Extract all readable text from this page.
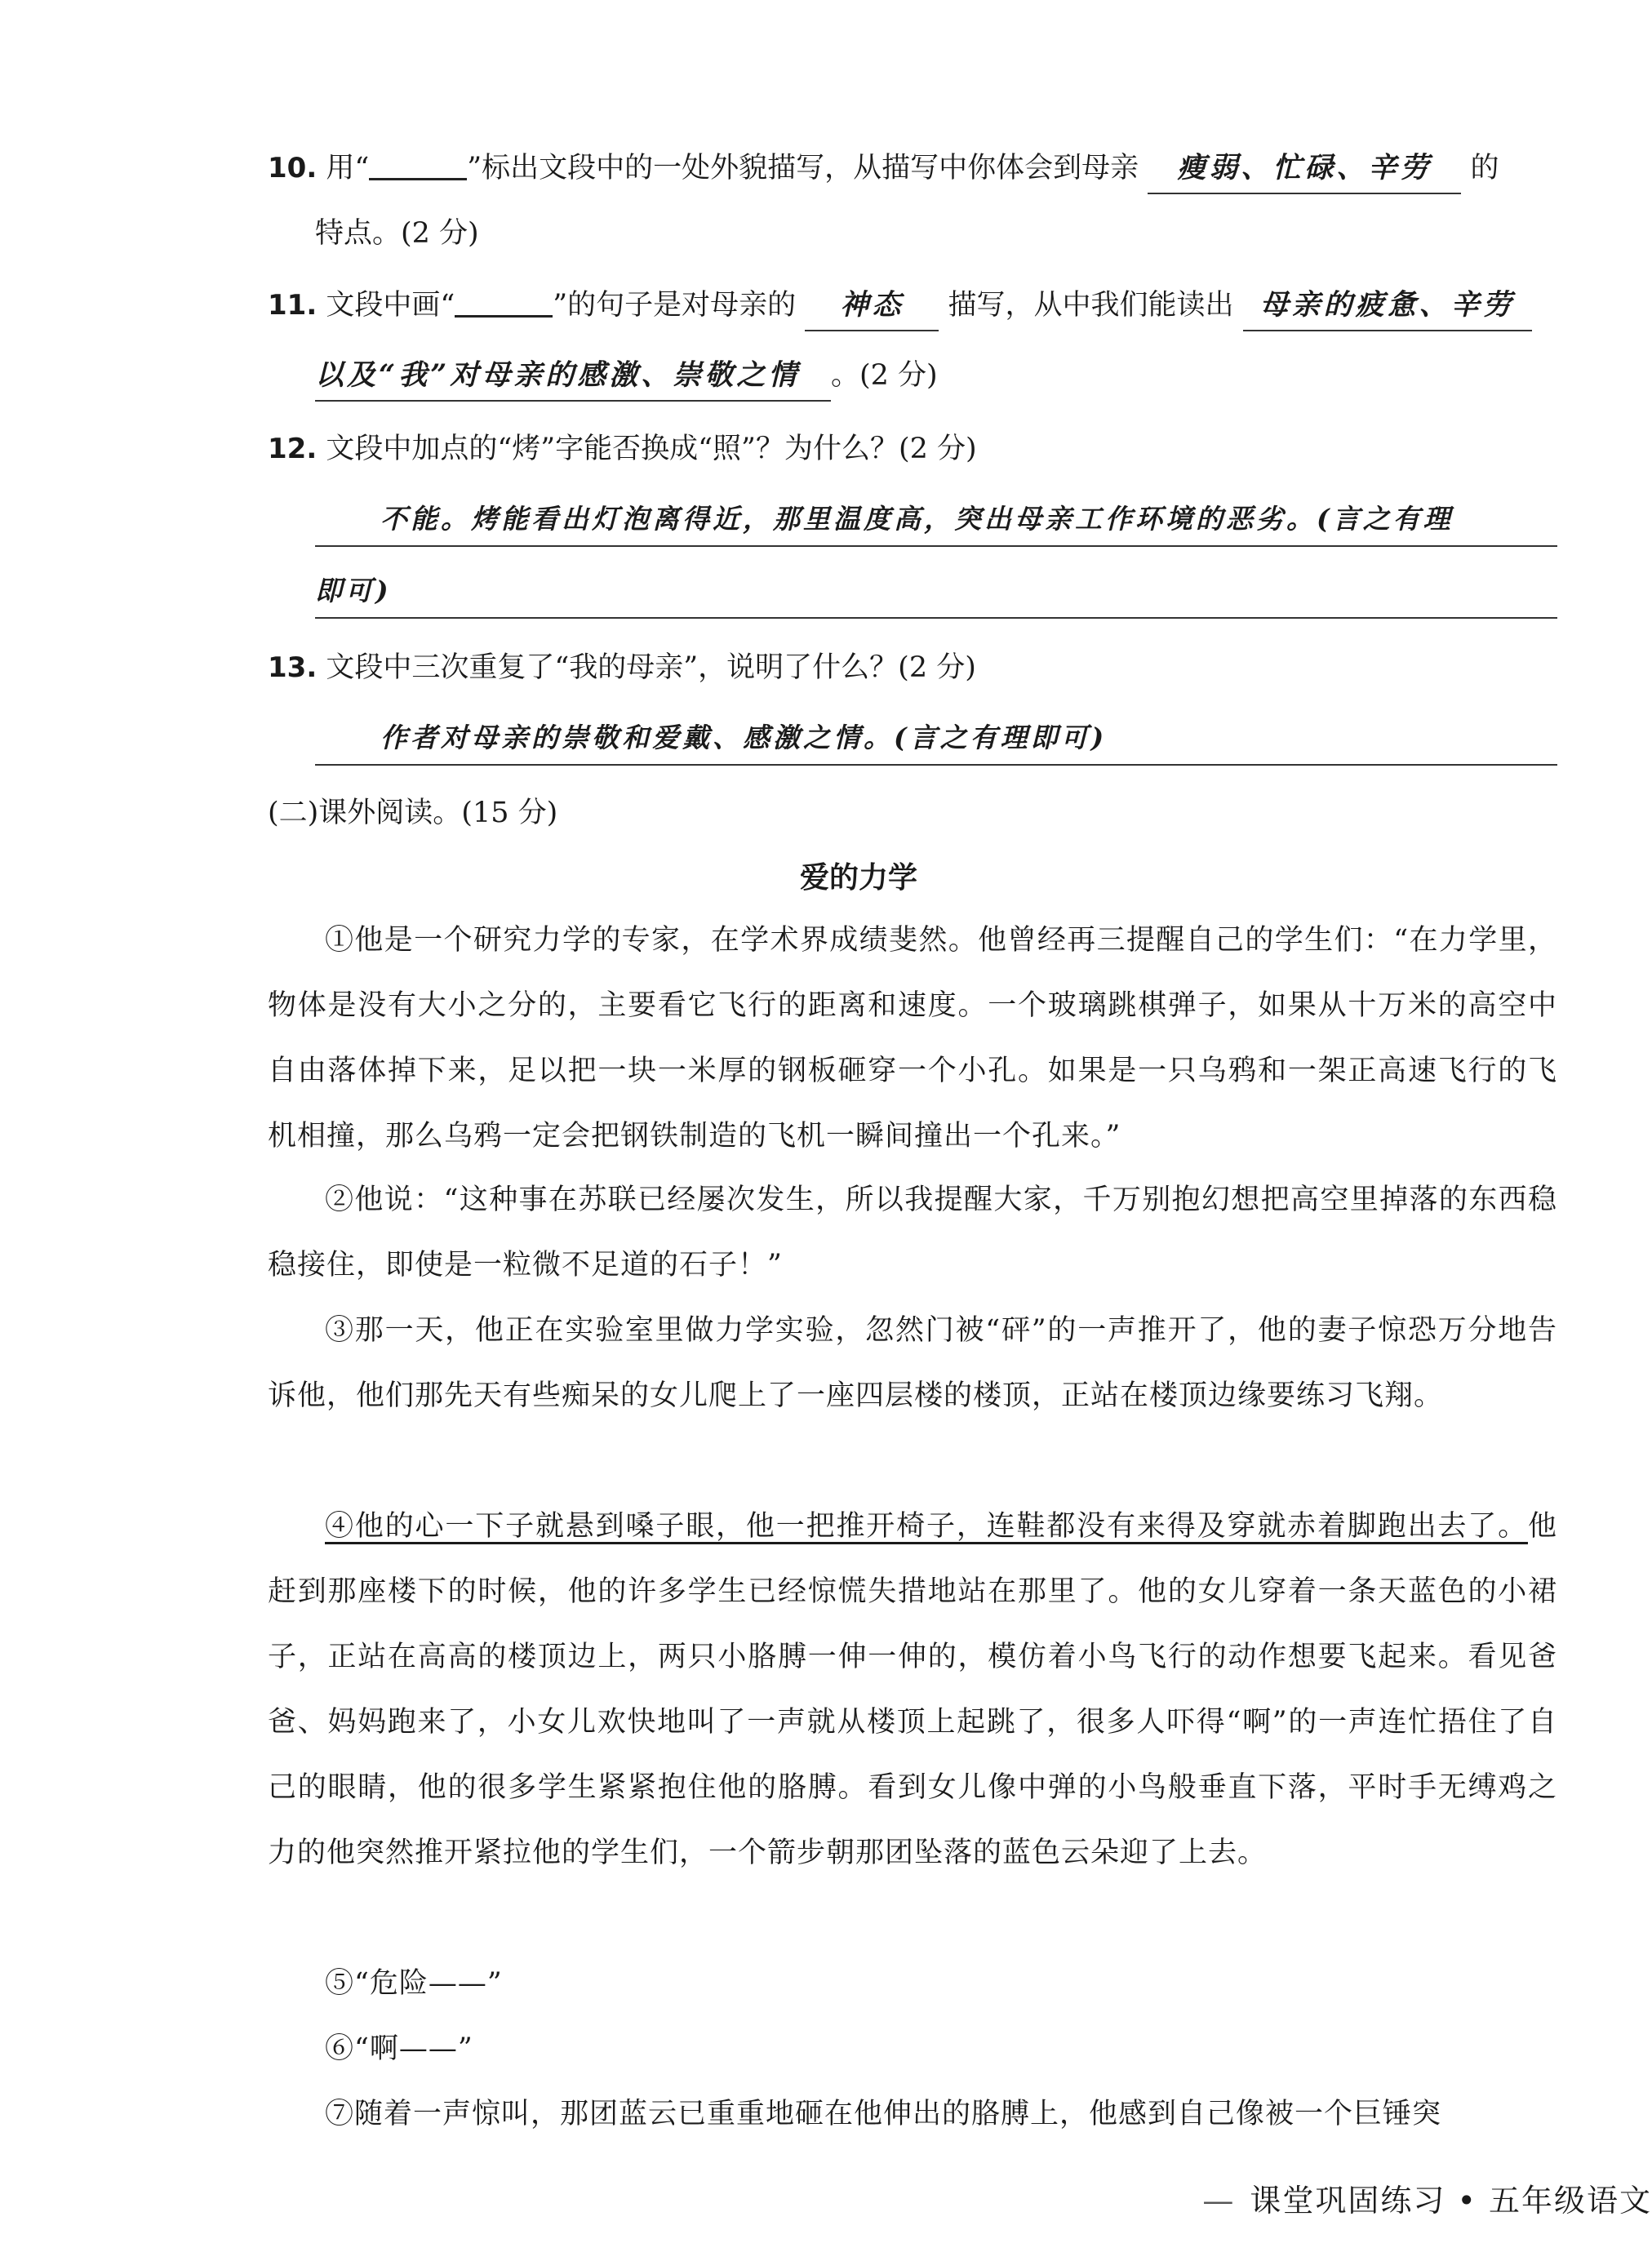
10. 用“	”标出文段中的一处外貌描写，从描写中你体会到母亲 瘦弱、忙碌、辛劳 的
特点。(2 分)
11. 文段中画“	”的句子是对母亲的 神态 描写，从中我们能读出 母亲的疲惫、辛劳
以及“我”对母亲的感激、崇敬之情 。(2 分)
12. 文段中加点的“烤”字能否换成“照”？为什么？(2 分)
不能。烤能看出灯泡离得近，那里温度高，突出母亲工作环境的恶劣。(言之有理
即可)
13. 文段中三次重复了“我的母亲”，说明了什么？(2 分)
作者对母亲的崇敬和爱戴、感激之情。(言之有理即可)
(二)课外阅读。(15 分)
爱的力学
①他是一个研究力学的专家，在学术界成绩斐然。他曾经再三提醒自己的学生们：“在力学里，物体是没有大小之分的，主要看它飞行的距离和速度。一个玻璃跳棋弹子，如果从十万米的高空中自由落体掉下来，足以把一块一米厚的钢板砸穿一个小孔。如果是一只乌鸦和一架正高速飞行的飞机相撞，那么乌鸦一定会把钢铁制造的飞机一瞬间撞出一个孔来。”
②他说：“这种事在苏联已经屡次发生，所以我提醒大家，千万别抱幻想把高空里掉落的东西稳稳接住，即使是一粒微不足道的石子！”
③那一天，他正在实验室里做力学实验，忽然门被“砰”的一声推开了，他的妻子惊恐万分地告诉他，他们那先天有些痴呆的女儿爬上了一座四层楼的楼顶，正站在楼顶边缘要练习飞翔。
④他的心一下子就悬到嗓子眼，他一把推开椅子，连鞋都没有来得及穿就赤着脚跑出去了。他赶到那座楼下的时候，他的许多学生已经惊慌失措地站在那里了。他的女儿穿着一条天蓝色的小裙子，正站在高高的楼顶边上，两只小胳膊一伸一伸的，模仿着小鸟飞行的动作想要飞起来。看见爸爸、妈妈跑来了，小女儿欢快地叫了一声就从楼顶上起跳了，很多人吓得“啊”的一声连忙捂住了自己的眼睛，他的很多学生紧紧抱住他的胳膊。看到女儿像中弹的小鸟般垂直下落，平时手无缚鸡之力的他突然推开紧拉他的学生们，一个箭步朝那团坠落的蓝色云朵迎了上去。
⑤“危险——”
⑥“啊——”
⑦随着一声惊叫，那团蓝云已重重地砸在他伸出的胳膊上，他感到自己像被一个巨锤突
— 课堂巩固练习 • 五年级语文
